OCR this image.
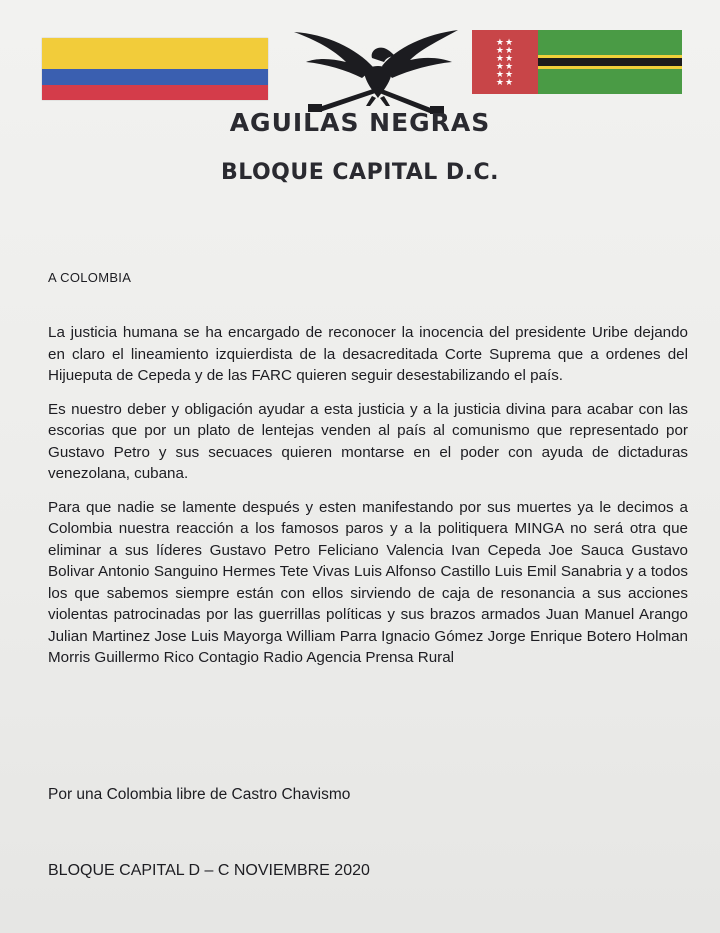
★★
★★
★★
★★
★★
★★
AGUILAS NEGRAS
BLOQUE CAPITAL D.C.
A COLOMBIA

La justicia humana se ha encargado de reconocer la inocencia del presidente Uribe dejando en claro el lineamiento izquierdista de la desacreditada Corte Suprema que a ordenes del Hijueputa de Cepeda y de las FARC quieren seguir desestabilizando el país.

Es nuestro deber y obligación ayudar a esta justicia y a la justicia divina para acabar con las escorias que por un plato de lentejas venden al país al comunismo que representado por Gustavo Petro y sus secuaces quieren montarse en el poder con ayuda de dictaduras venezolana, cubana.

Para que nadie se lamente después y esten manifestando por sus muertes ya le decimos a Colombia nuestra reacción a los famosos paros y a la politiquera MINGA no será otra que eliminar a sus líderes Gustavo Petro Feliciano Valencia Ivan Cepeda Joe Sauca Gustavo Bolivar Antonio Sanguino Hermes Tete Vivas Luis Alfonso Castillo Luis Emil Sanabria y a todos los que sabemos siempre están con ellos sirviendo de caja de resonancia a sus acciones violentas patrocinadas por las guerrillas políticas y sus brazos armados Juan Manuel Arango Julian Martinez Jose Luis Mayorga William Parra Ignacio Gómez Jorge Enrique Botero Holman Morris Guillermo Rico Contagio Radio Agencia Prensa Rural

Por una Colombia libre de Castro Chavismo
BLOQUE CAPITAL D – C NOVIEMBRE 2020
